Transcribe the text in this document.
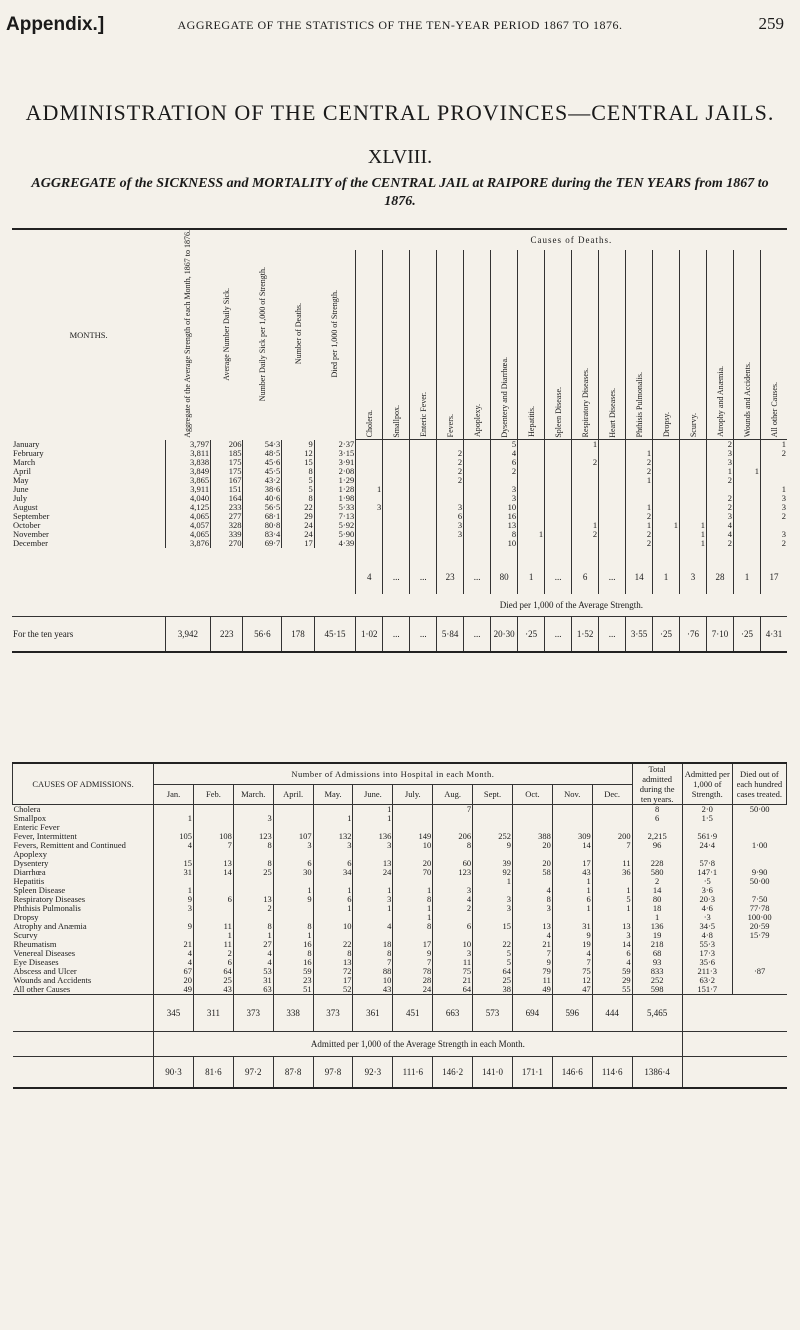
Appendix.]	AGGREGATE OF THE STATISTICS OF THE TEN-YEAR PERIOD 1867 TO 1876.	259
ADMINISTRATION OF THE CENTRAL PROVINCES—CENTRAL JAILS.
XLVIII.
AGGREGATE of the SICKNESS and MORTALITY of the CENTRAL JAIL at RAIPORE during the TEN YEARS from 1867 to 1876.
MONTHS.	Aggregate of the Average Strength of each Month, 1867 to 1876.	Average Number Daily Sick.	Number Daily Sick per 1,000 of Strength.	Number of Deaths.	Died per 1,000 of Strength.	Causes of Deaths.															
						Cholera.	Smallpox.	Enteric Fever.	Fevers.	Apoplexy.	Dysentery and Diarrhœa.	Hepatitis.	Spleen Disease.	Respiratory Diseases.	Heart Diseases.	Phthisis Pulmonalis.	Dropsy.	Scurvy.	Atrophy and Anæmia.	Wounds and Accidents.	All other Causes.
January	3,797	206	54·3	9	2·37						5			1					2		1
February	3,811	185	48·5	12	3·15				2		4					1			3		2
March	3,838	175	45·6	15	3·91				2		6			2		2			3		
April	3,849	175	45·5	8	2·08				2		2					2			1	1	
May	3,865	167	43·2	5	1·29				2							1			2		
June	3,911	151	38·6	5	1·28	1					3										1
July	4,040	164	40·6	8	1·98						3								2		3
August	4,125	233	56·5	22	5·33	3			3		10					1			2		3
September	4,065	277	68·1	29	7·13				6		16					2			3		2
October	4,057	328	80·8	24	5·92				3		13			1		1	1	1	4		
November	4,065	339	83·4	24	5·90				3		8	1		2		2		1	4		3
December	3,876	270	69·7	17	4·39						10					2		1	2		2

						4	...	...	23	...	80	1	...	6	...	14	1	3	28	1	17
						Died per 1,000 of the Average Strength.															
For the ten years	3,942	223	56·6	178	45·15	1·02	...	...	5·84	...	20·30	·25	...	1·52	...	3·55	·25	·76	7·10	·25	4·31
CAUSES OF ADMISSIONS.	Number of Admissions into Hospital in each Month.												Total admitted during the ten years.	Admitted per 1,000 of Strength.	Died out of each hundred cases treated.
	Jan.	Feb.	March.	April.	May.	June.	July.	Aug.	Sept.	Oct.	Nov.	Dec.			
Cholera						1		7					8	2·0	50·00
Smallpox	1		3		1	1							6	1·5	
Enteric Fever															
Fever, Intermittent	105	108	123	107	132	136	149	206	252	388	309	200	2,215	561·9	
Fevers, Remittent and Continued	4	7	8	3	3	3	10	8	9	20	14	7	96	24·4	1·00
Apoplexy															
Dysentery	15	13	8	6	6	13	20	60	39	20	17	11	228	57·8	
Diarrhœa	31	14	25	30	34	24	70	123	92	58	43	36	580	147·1	9·90
Hepatitis									1		1		2	·5	50·00
Spleen Disease	1			1	1	1	1	3		4	1	1	14	3·6	
Respiratory Diseases	9	6	13	9	6	3	8	4	3	8	6	5	80	20·3	7·50
Phthisis Pulmonalis	3		2		1	1	1	2	3	3	1	1	18	4·6	77·78
Dropsy							1						1	·3	100·00
Atrophy and Anæmia	9	11	8	8	10	4	8	6	15	13	31	13	136	34·5	20·59
Scurvy		1	1	1						4	9	3	19	4·8	15·79
Rheumatism	21	11	27	16	22	18	17	10	22	21	19	14	218	55·3	
Venereal Diseases	4	2	4	8	8	8	9	3	5	7	4	6	68	17·3	
Eye Diseases	4	6	4	16	13	7	7	11	5	9	7	4	93	35·6	
Abscess and Ulcer	67	64	53	59	72	88	78	75	64	79	75	59	833	211·3	·87
Wounds and Accidents	20	25	31	23	17	10	28	21	25	11	12	29	252	63·2	
All other Causes	49	43	63	51	52	43	24	64	38	49	47	55	598	151·7	
	345	311	373	338	373	361	451	663	573	694	596	444	5,465		
	Admitted per 1,000 of the Average Strength in each Month.														
	90·3	81·6	97·2	87·8	97·8	92·3	111·6	146·2	141·0	171·1	146·6	114·6	1386·4		
